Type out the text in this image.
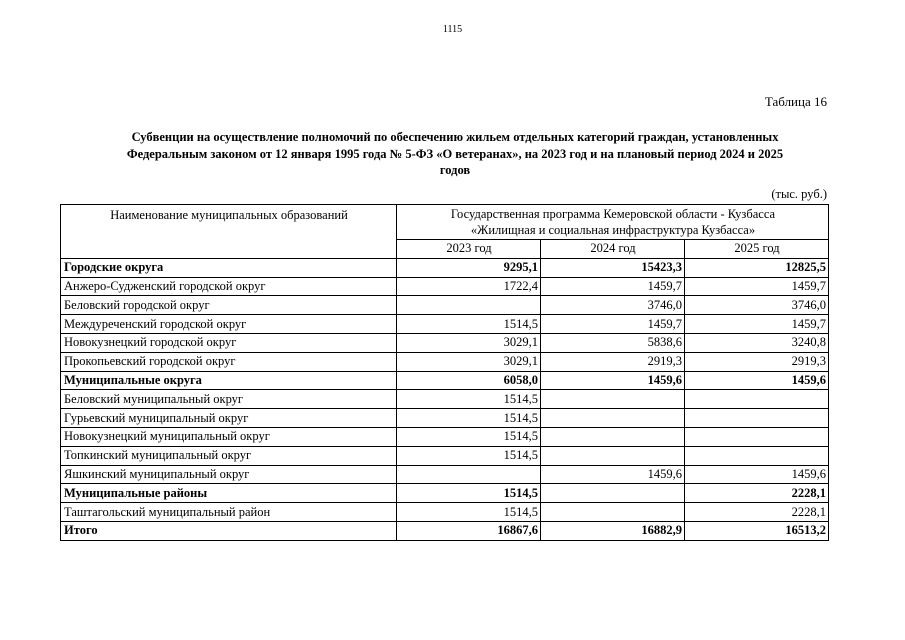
1115
Таблица 16
Субвенции на осуществление полномочий по обеспечению жильем отдельных категорий граждан, установленных
Федеральным законом от 12 января 1995 года № 5-ФЗ «О ветеранах», на 2023 год и на плановый период 2024 и 2025
годов
(тыс. руб.)
Наименование муниципальных образований	Государственная программа Кемеровской области - Кузбасса
«Жилищная и социальная инфраструктура Кузбасса»		

	2023 год	2024 год	2025 год
Городские округа	9295,1	15423,3	12825,5
Анжеро-Судженский городской округ	1722,4	1459,7	1459,7
Беловский городской округ		3746,0	3746,0
Междуреченский городской округ	1514,5	1459,7	1459,7
Новокузнецкий городской округ	3029,1	5838,6	3240,8
Прокопьевский городской округ	3029,1	2919,3	2919,3
Муниципальные округа	6058,0	1459,6	1459,6
Беловский муниципальный округ	1514,5		
Гурьевский муниципальный округ	1514,5		
Новокузнецкий муниципальный округ	1514,5		
Топкинский муниципальный округ	1514,5		
Яшкинский муниципальный округ		1459,6	1459,6
Муниципальные районы	1514,5		2228,1
Таштагольский муниципальный район	1514,5		2228,1
Итого	16867,6	16882,9	16513,2
